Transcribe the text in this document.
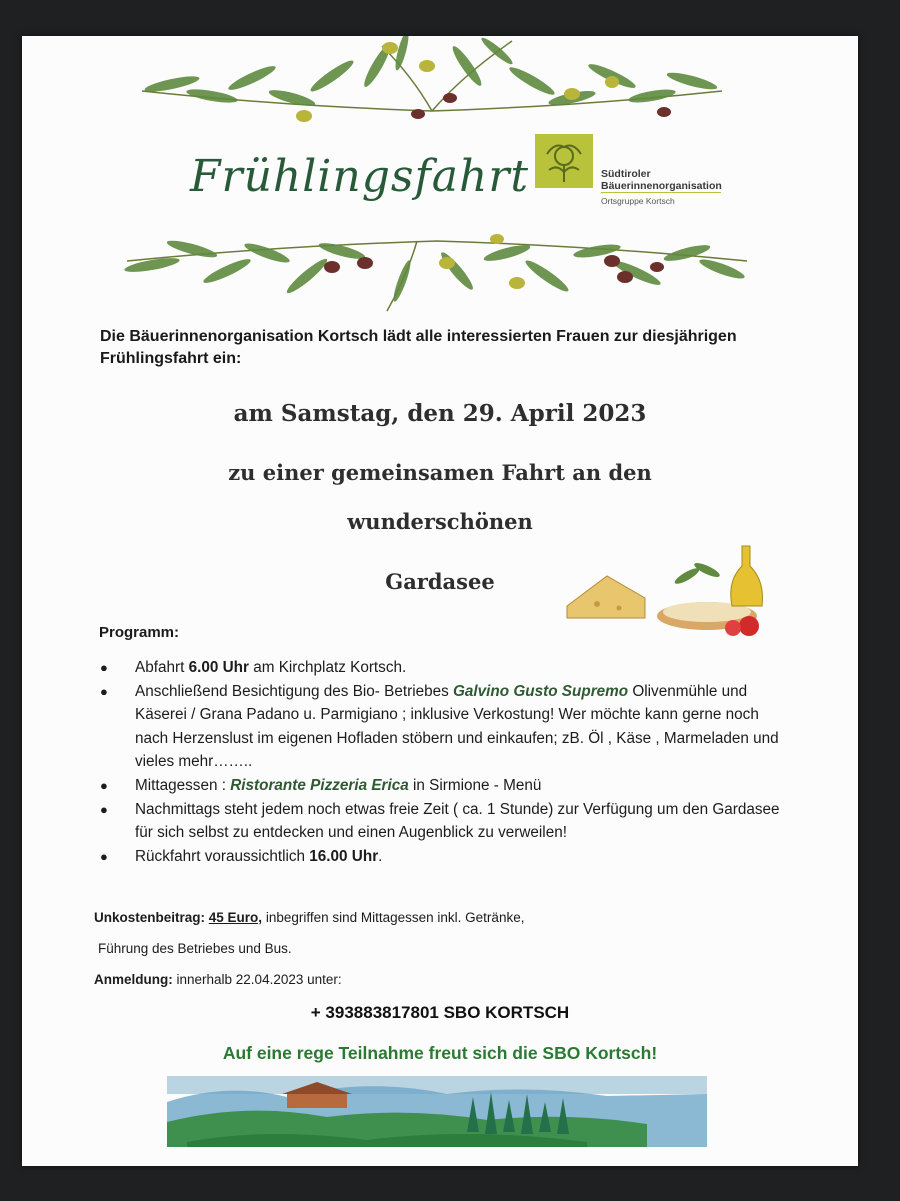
Frühlingsfahrt	Südtiroler
Bäuerinnenorganisation
Ortsgruppe Kortsch
Die Bäuerinnenorganisation Kortsch lädt alle interessierten Frauen zur diesjährigen Frühlingsfahrt ein:
am Samstag, den 29. April 2023
zu einer gemeinsamen Fahrt an den
wunderschönen
Gardasee
Programm:
● Abfahrt 6.00 Uhr am Kirchplatz Kortsch.
● Anschließend Besichtigung des Bio- Betriebes Galvino Gusto Supremo Olivenmühle und Käserei / Grana Padano u. Parmigiano ; inklusive Verkostung! Wer möchte kann gerne noch nach Herzenslust im eigenen Hofladen stöbern und einkaufen; zB. Öl , Käse , Marmeladen und vieles mehr……..
● Mittagessen : Ristorante Pizzeria Erica in Sirmione - Menü
● Nachmittags steht jedem noch etwas freie Zeit ( ca. 1 Stunde) zur Verfügung um den Gardasee für sich selbst zu entdecken und einen Augenblick zu verweilen!
● Rückfahrt voraussichtlich 16.00 Uhr.
Unkostenbeitrag: 45 Euro, inbegriffen sind Mittagessen inkl. Getränke,
Führung des Betriebes und Bus.
Anmeldung: innerhalb 22.04.2023 unter:
+ 393883817801 SBO KORTSCH
Auf eine rege Teilnahme freut sich die SBO Kortsch!
